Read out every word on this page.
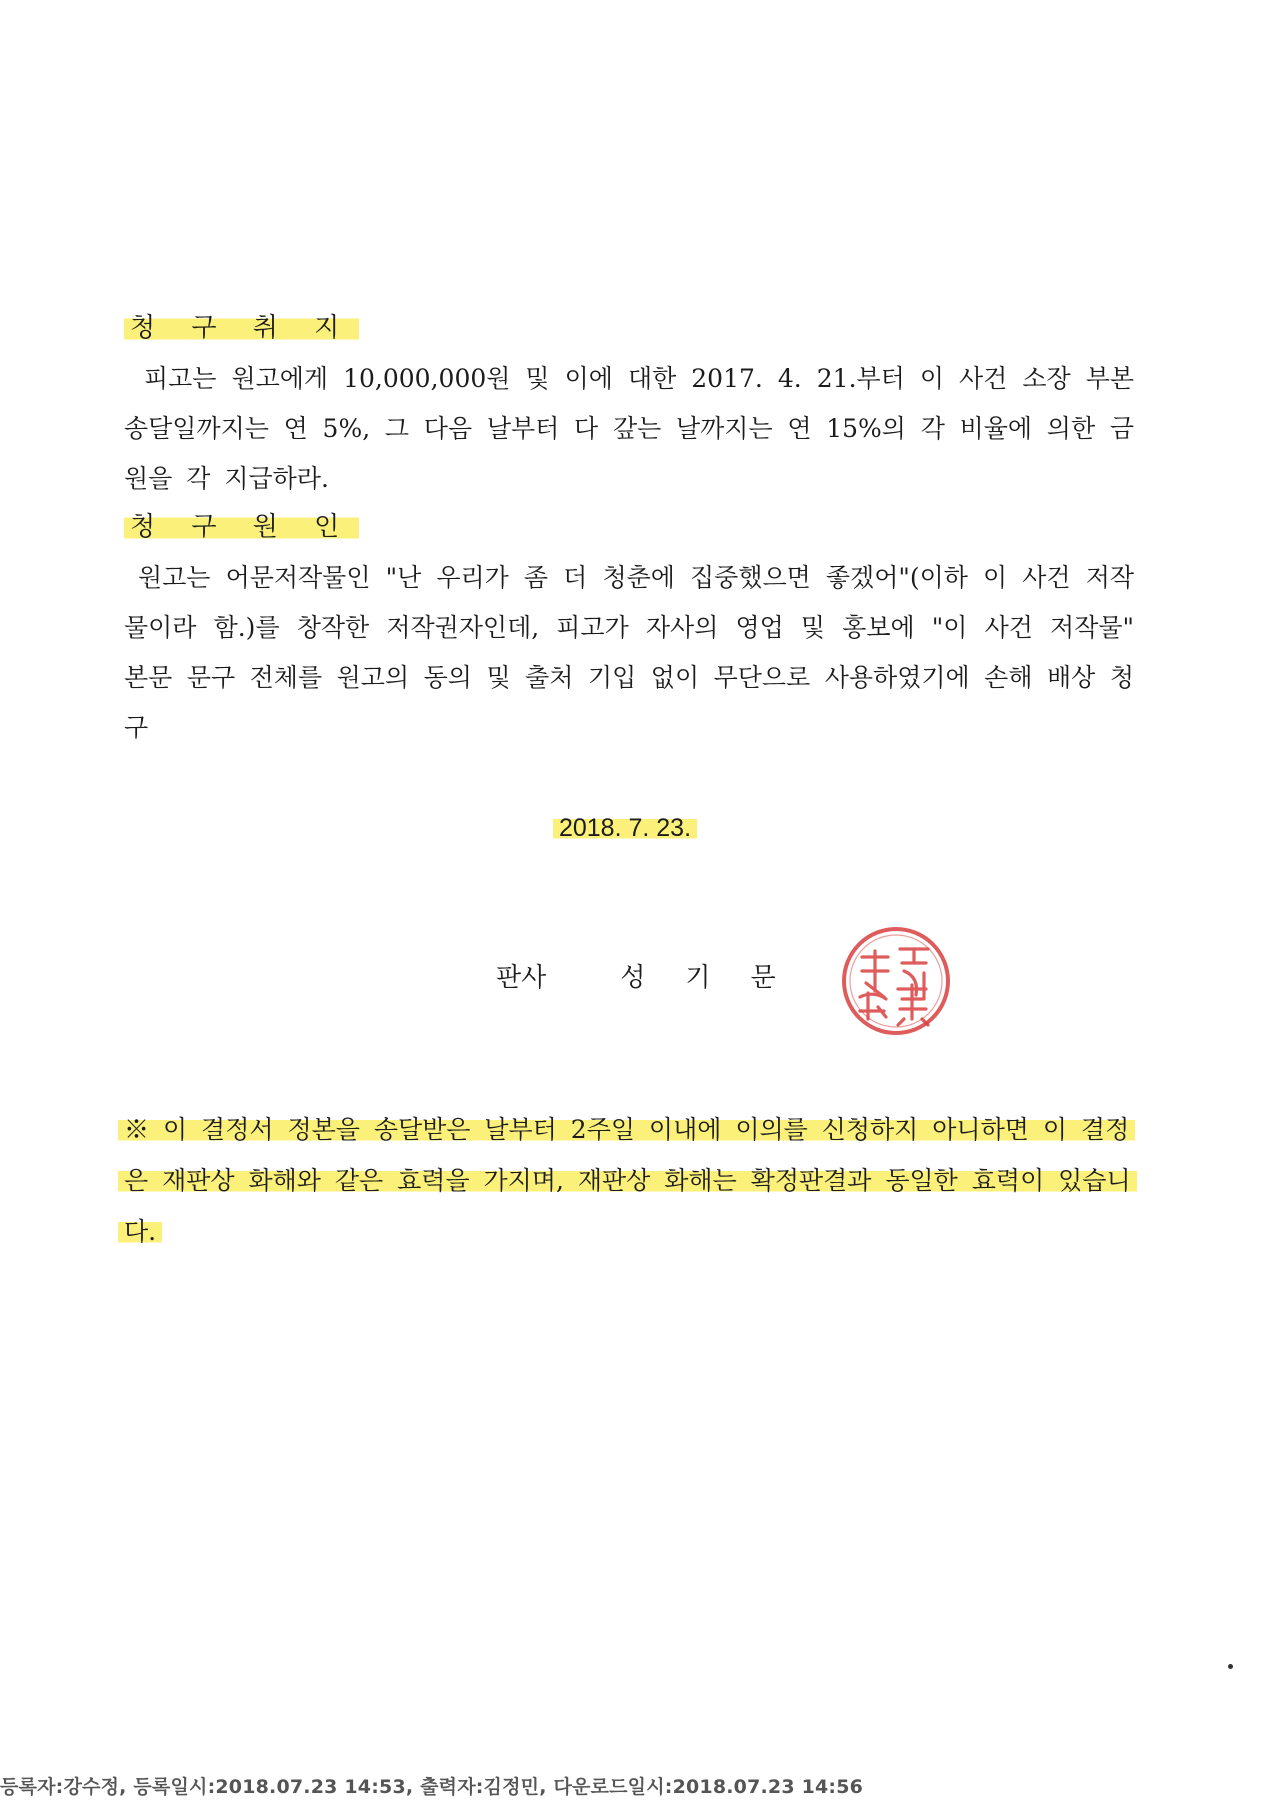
청 구 취 지
피고는 원고에게 10,000,000원 및 이에 대한 2017. 4. 21.부터 이 사건 소장 부본 송달일까지는 연 5%, 그 다음 날부터 다 갚는 날까지는 연 15%의 각 비율에 의한 금원을 각 지급하라.
청 구 원 인
원고는 어문저작물인 "난 우리가 좀 더 청춘에 집중했으면 좋겠어"(이하 이 사건 저작물이라 함.)를 창작한 저작권자인데, 피고가 자사의 영업 및 홍보에 "이 사건 저작물" 본문 문구 전체를 원고의 동의 및 출처 기입 없이 무단으로 사용하였기에 손해 배상 청구
2018. 7. 23.
판사	성기문
※ 이 결정서 정본을 송달받은 날부터 2주일 이내에 이의를 신청하지 아니하면 이 결정은 재판상 화해와 같은 효력을 가지며, 재판상 화해는 확정판결과 동일한 효력이 있습니다.
등록자:강수정, 등록일시:2018.07.23 14:53, 출력자:김정민, 다운로드일시:2018.07.23 14:56
